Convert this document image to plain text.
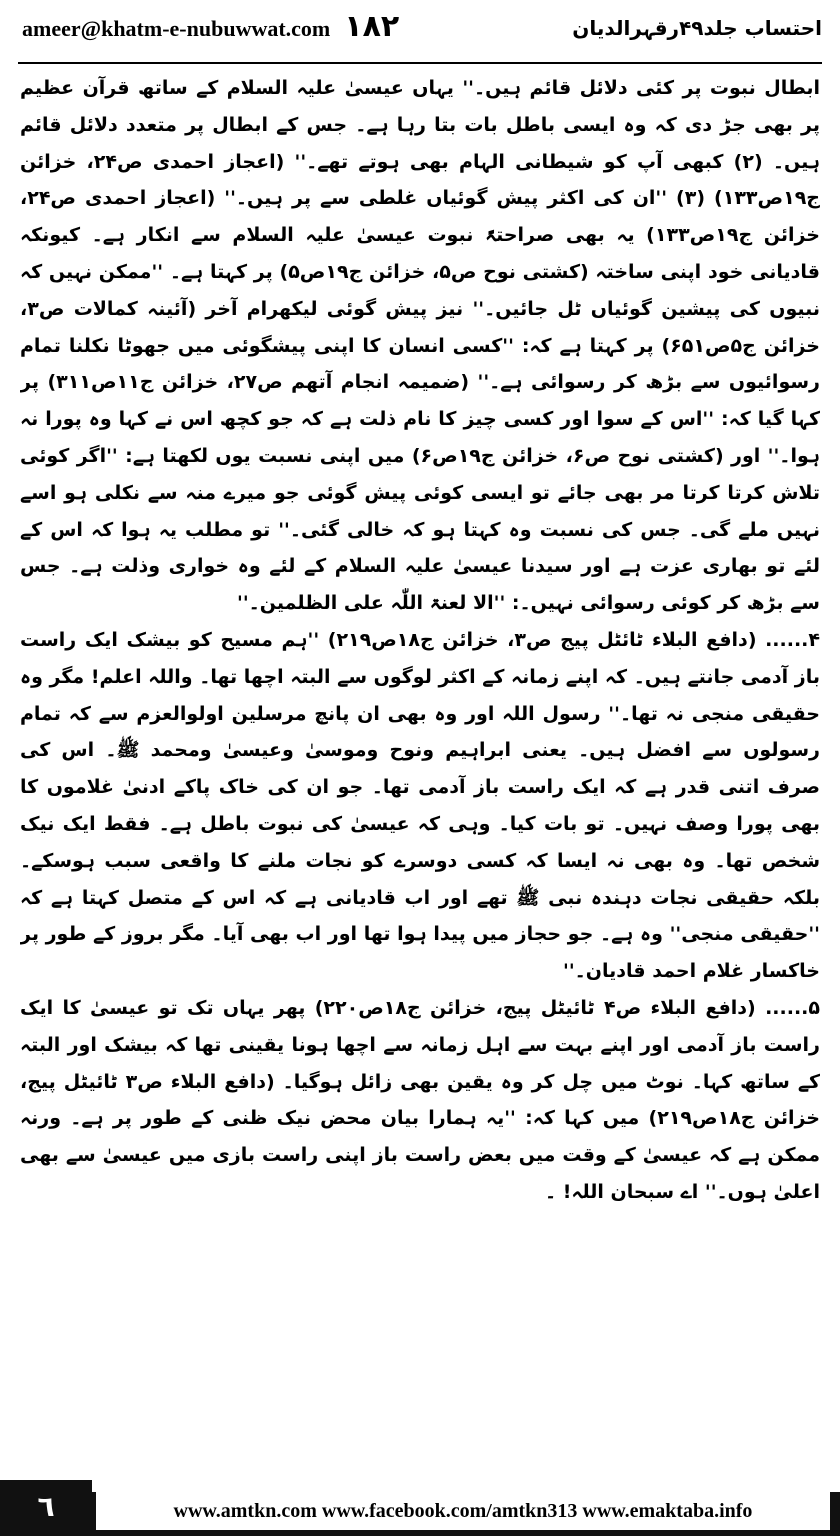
ameer@khatm-e-nubuwwat.com ١٨٢	احتساب جلد۴۹رقہرالدیان

ابطال نبوت پر کئی دلائل قائم ہیں۔'' یہاں عیسیٰ علیہ السلام کے ساتھ قرآن عظیم پر بھی جڑ دی کہ وہ ایسی باطل بات بتا رہا ہے۔ جس کے ابطال پر متعدد دلائل قائم ہیں۔ (۲) کبھی آپ کو شیطانی الہام بھی ہوتے تھے۔'' (اعجاز احمدی ص۲۴، خزائن ج۱۹ص۱۳۳) (۳) ''ان کی اکثر پیش گوئیاں غلطی سے پر ہیں۔'' (اعجاز احمدی ص۲۴، خزائن ج۱۹ص۱۳۳) یہ بھی صراحتہً نبوت عیسیٰ علیہ السلام سے انکار ہے۔ کیونکہ قادیانی خود اپنی ساختہ (کشتی نوح ص۵، خزائن ج۱۹ص۵) پر کہتا ہے۔ ''ممکن نہیں کہ نبیوں کی پیشین گوئیاں ٹل جائیں۔'' نیز پیش گوئی لیکھرام آخر (آئینہ کمالات ص۳، خزائن ج۵ص۶۵۱) پر کہتا ہے کہ: ''کسی انسان کا اپنی پیشگوئی میں جھوٹا نکلنا تمام رسوائیوں سے بڑھ کر رسوائی ہے۔'' (ضمیمہ انجام آتھم ص۲۷، خزائن ج۱۱ص۳۱۱) پر کہا گیا کہ: ''اس کے سوا اور کسی چیز کا نام ذلت ہے کہ جو کچھ اس نے کہا وہ پورا نہ ہوا۔'' اور (کشتی نوح ص۶، خزائن ج۱۹ص۶) میں اپنی نسبت یوں لکھتا ہے: ''اگر کوئی تلاش کرتا کرتا مر بھی جائے تو ایسی کوئی پیش گوئی جو میرے منہ سے نکلی ہو اسے نہیں ملے گی۔ جس کی نسبت وہ کہتا ہو کہ خالی گئی۔'' تو مطلب یہ ہوا کہ اس کے لئے تو بھاری عزت ہے اور سیدنا عیسیٰ علیہ السلام کے لئے وہ خواری وذلت ہے۔ جس سے بڑھ کر کوئی رسوائی نہیں۔: ''الا لعنۃ اللّٰہ علی الظلمین۔''

۴...... (دافع البلاء ٹائٹل پیج ص۳، خزائن ج۱۸ص۲۱۹) ''ہم مسیح کو بیشک ایک راست باز آدمی جانتے ہیں۔ کہ اپنے زمانہ کے اکثر لوگوں سے البتہ اچھا تھا۔ واللہ اعلم! مگر وہ حقیقی منجی نہ تھا۔'' رسول اللہ اور وہ بھی ان پانچ مرسلین اولوالعزم سے کہ تمام رسولوں سے افضل ہیں۔ یعنی ابراہیم ونوح وموسیٰ وعیسیٰ ومحمد ﷺ۔ اس کی صرف اتنی قدر ہے کہ ایک راست باز آدمی تھا۔ جو ان کی خاک پاکے ادنیٰ غلاموں کا بھی پورا وصف نہیں۔ تو بات کیا۔ وہی کہ عیسیٰ کی نبوت باطل ہے۔ فقط ایک نیک شخص تھا۔ وہ بھی نہ ایسا کہ کسی دوسرے کو نجات ملنے کا واقعی سبب ہوسکے۔ بلکہ حقیقی نجات دہندہ نبی ﷺ تھے اور اب قادیانی ہے کہ اس کے متصل کہتا ہے کہ ''حقیقی منجی'' وہ ہے۔ جو حجاز میں پیدا ہوا تھا اور اب بھی آیا۔ مگر بروز کے طور پر خاکسار غلام احمد قادیان۔''

۵...... (دافع البلاء ص۴ ٹائیٹل پیج، خزائن ج۱۸ص۲۲۰) پھر یہاں تک تو عیسیٰ کا ایک راست باز آدمی اور اپنے بہت سے اہل زمانہ سے اچھا ہونا یقینی تھا کہ بیشک اور البتہ کے ساتھ کہا۔ نوٹ میں چل کر وہ یقین بھی زائل ہوگیا۔ (دافع البلاء ص۳ ٹائیٹل پیج، خزائن ج۱۸ص۲۱۹) میں کہا کہ: ''یہ ہمارا بیان محض نیک ظنی کے طور پر ہے۔ ورنہ ممکن ہے کہ عیسیٰ کے وقت میں بعض راست باز اپنی راست بازی میں عیسیٰ سے بھی اعلیٰ ہوں۔'' اے سبحان اللہ! ۔

٦	www.amtkn.com www.facebook.com/amtkn313 www.emaktaba.info
